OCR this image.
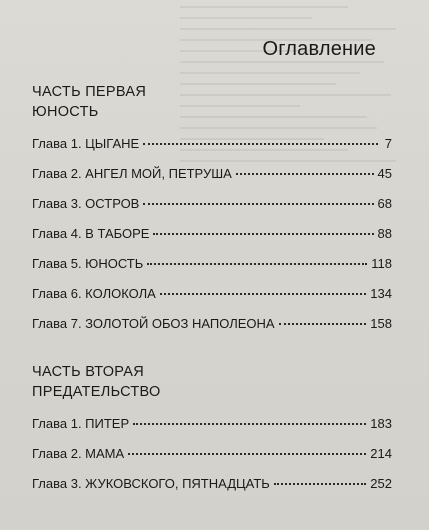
Оглавление
ЧАСТЬ ПЕРВАЯ
ЮНОСТЬ
Глава 1. ЦЫГАНЕ	7
Глава 2. АНГЕЛ МОЙ, ПЕТРУША	45
Глава 3. ОСТРОВ	68
Глава 4. В ТАБОРЕ	88
Глава 5. ЮНОСТЬ	118
Глава 6. КОЛОКОЛА	134
Глава 7. ЗОЛОТОЙ ОБОЗ НАПОЛЕОНА	158
ЧАСТЬ ВТОРАЯ
ПРЕДАТЕЛЬСТВО
Глава 1. ПИТЕР	183
Глава 2. МАМА	214
Глава 3. ЖУКОВСКОГО, ПЯТНАДЦАТЬ	252
